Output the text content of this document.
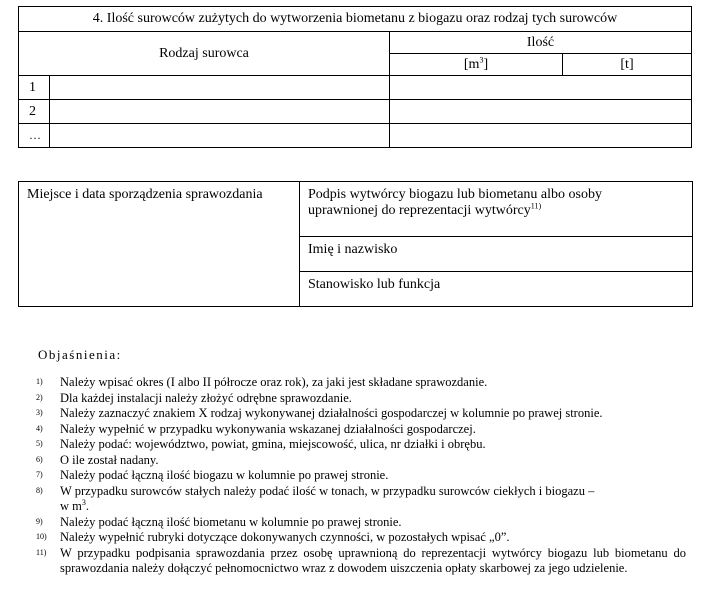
4. Ilość surowców zużytych do wytworzenia biometanu z biogazu oraz rodzaj tych surowców			
Rodzaj surowca		Ilość	
		$[m^3]$	[t]
1			
2			
…			
Miejsce i data sporządzenia sprawozdania	Podpis wytwórcy biogazu lub biometanu albo osoby
uprawnionej do reprezentacji wytwórcy$^{11)}$
Imię i nazwisko
Stanowisko lub funkcja
Objaśnienia:
1) Należy wpisać okres (I albo II półrocze oraz rok), za jaki jest składane sprawozdanie.
2) Dla każdej instalacji należy złożyć odrębne sprawozdanie.
3) Należy zaznaczyć znakiem X rodzaj wykonywanej działalności gospodarczej w kolumnie po prawej stronie.
4) Należy wypełnić w przypadku wykonywania wskazanej działalności gospodarczej.
5) Należy podać: województwo, powiat, gmina, miejscowość, ulica, nr działki i obrębu.
6) O ile został nadany.
7) Należy podać łączną ilość biogazu w kolumnie po prawej stronie.
8) W przypadku surowców stałych należy podać ilość w tonach, w przypadku surowców ciekłych i biogazu –
w $m^3$.
9) Należy podać łączną ilość biometanu w kolumnie po prawej stronie.
10) Należy wypełnić rubryki dotyczące dokonywanych czynności, w pozostałych wpisać „0”.
11) W przypadku podpisania sprawozdania przez osobę uprawnioną do reprezentacji wytwórcy biogazu lub biometanu do sprawozdania należy dołączyć pełnomocnictwo wraz z dowodem uiszczenia opłaty skarbowej za jego udzielenie.
